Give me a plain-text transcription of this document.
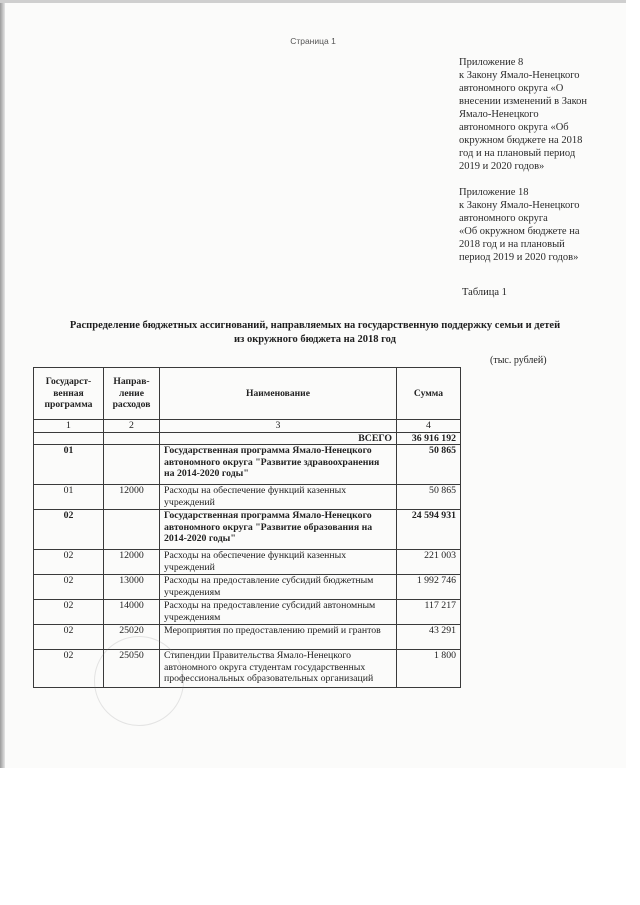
Страница 1
Приложение 8
к Закону Ямало-Ненецкого
автономного округа «О
внесении изменений в Закон
Ямало-Ненецкого
автономного округа «Об
окружном бюджете на 2018
год и на плановый период
2019 и 2020 годов»
Приложение 18
к Закону Ямало-Ненецкого
автономного округа
«Об окружном бюджете на
2018 год и на плановый
период 2019 и 2020 годов»
Таблица 1
Распределение бюджетных ассигнований, направляемых на государственную поддержку семьи и детей
из окружного бюджета на 2018 год
(тыс. рублей)
Государст-венная программа	Направ-ление расходов	Наименование	Сумма
1	2	3	4
		ВСЕГО	36 916 192
01		Государственная программа Ямало-Ненецкого автономного округа "Развитие здравоохранения на 2014-2020 годы"	50 865
01	12000	Расходы на обеспечение функций казенных учреждений	50 865
02		Государственная программа Ямало-Ненецкого автономного округа "Развитие образования на 2014-2020 годы"	24 594 931
02	12000	Расходы на обеспечение функций казенных учреждений	221 003
02	13000	Расходы на предоставление субсидий бюджетным учреждениям	1 992 746
02	14000	Расходы на предоставление субсидий автономным учреждениям	117 217
02	25020	Мероприятия по предоставлению премий и грантов	43 291
02	25050	Стипендии Правительства Ямало-Ненецкого автономного округа студентам государственных профессиональных образовательных организаций	1 800
